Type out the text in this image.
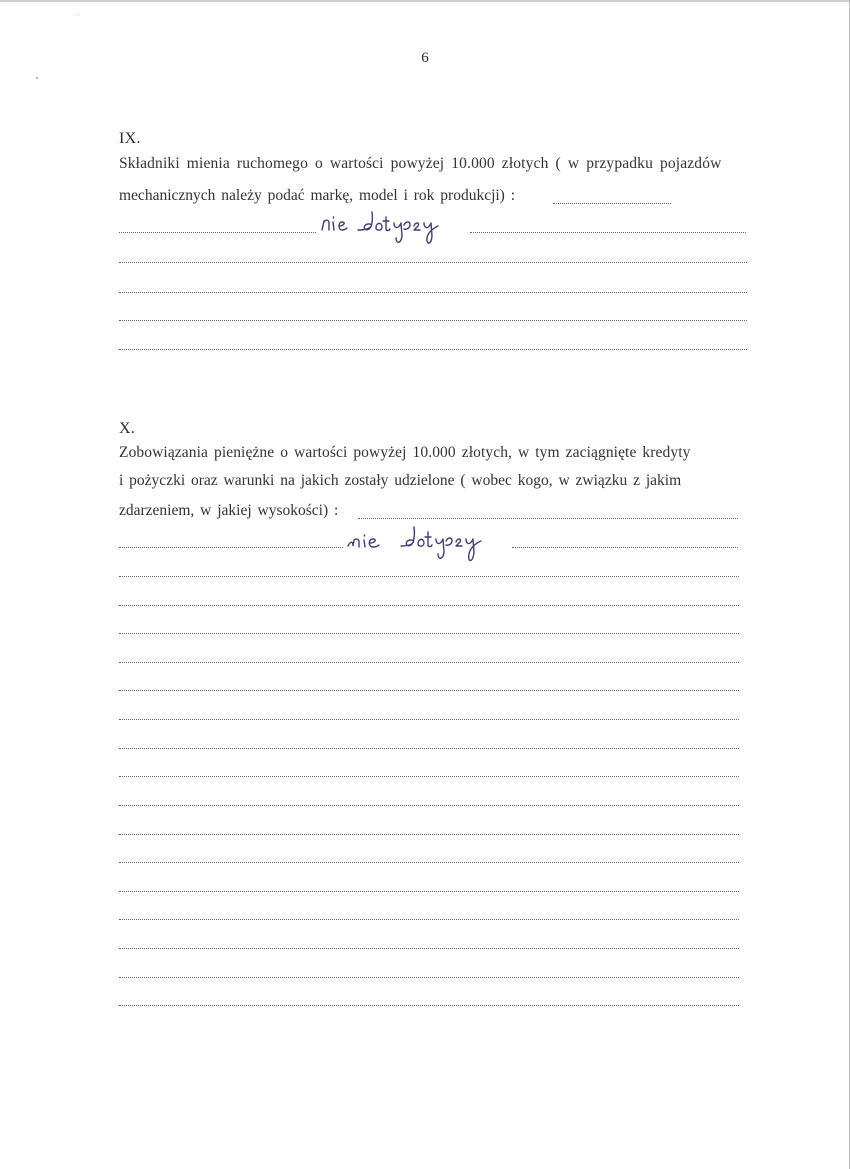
6
IX.
Składniki mienia ruchomego o wartości powyżej 10.000 złotych ( w przypadku pojazdów
mechanicznych należy podać markę, model i rok produkcji) :
X.
Zobowiązania pieniężne o wartości powyżej 10.000 złotych, w tym zaciągnięte kredyty
i pożyczki oraz warunki na jakich zostały udzielone ( wobec kogo, w związku z jakim
zdarzeniem, w jakiej wysokości) :
